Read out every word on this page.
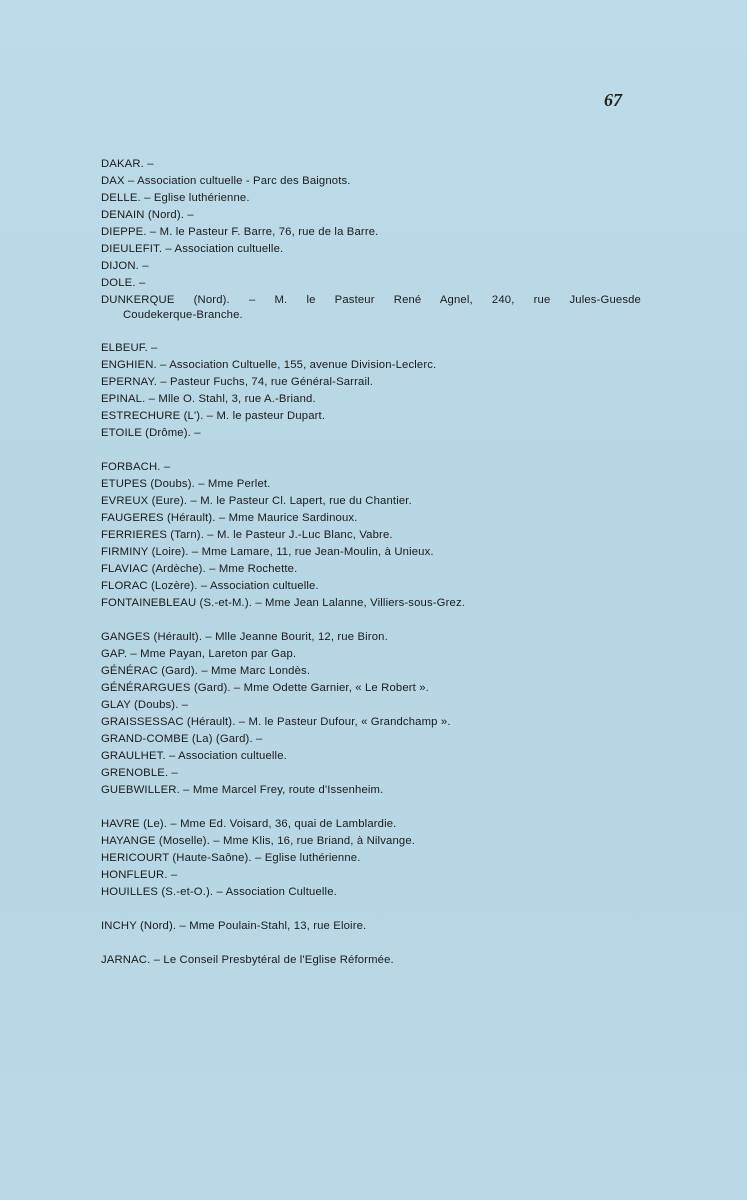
67
DAKAR. –
DAX – Association cultuelle - Parc des Baignots.
DELLE. – Eglise luthérienne.
DENAIN (Nord). –
DIEPPE. – M. le Pasteur F. Barre, 76, rue de la Barre.
DIEULEFIT. – Association cultuelle.
DIJON. –
DOLE. –
DUNKERQUE (Nord). – M. le Pasteur René Agnel, 240, rue Jules-Guesde
Coudekerque-Branche.
ELBEUF. –
ENGHIEN. – Association Cultuelle, 155, avenue Division-Leclerc.
EPERNAY. – Pasteur Fuchs, 74, rue Général-Sarrail.
EPINAL. – Mlle O. Stahl, 3, rue A.-Briand.
ESTRECHURE (L'). – M. le pasteur Dupart.
ETOILE (Drôme). –
FORBACH. –
ETUPES (Doubs). – Mme Perlet.
EVREUX (Eure). – M. le Pasteur Cl. Lapert, rue du Chantier.
FAUGERES (Hérault). – Mme Maurice Sardinoux.
FERRIERES (Tarn). – M. le Pasteur J.-Luc Blanc, Vabre.
FIRMINY (Loire). – Mme Lamare, 11, rue Jean-Moulin, à Unieux.
FLAVIAC (Ardèche). – Mme Rochette.
FLORAC (Lozère). – Association cultuelle.
FONTAINEBLEAU (S.-et-M.). – Mme Jean Lalanne, Villiers-sous-Grez.
GANGES (Hérault). – Mlle Jeanne Bourit, 12, rue Biron.
GAP. – Mme Payan, Lareton par Gap.
GÉNÉRAC (Gard). – Mme Marc Londès.
GÉNÉRARGUES (Gard). – Mme Odette Garnier, « Le Robert ».
GLAY (Doubs). –
GRAISSESSAC (Hérault). – M. le Pasteur Dufour, « Grandchamp ».
GRAND-COMBE (La) (Gard). –
GRAULHET. – Association cultuelle.
GRENOBLE. –
GUEBWILLER. – Mme Marcel Frey, route d'Issenheim.
HAVRE (Le). – Mme Ed. Voisard, 36, quai de Lamblardie.
HAYANGE (Moselle). – Mme Klis, 16, rue Briand, à Nilvange.
HERICOURT (Haute-Saône). – Eglise luthérienne.
HONFLEUR. –
HOUILLES (S.-et-O.). – Association Cultuelle.
INCHY (Nord). – Mme Poulain-Stahl, 13, rue Eloire.
JARNAC. – Le Conseil Presbytéral de l'Eglise Réformée.
